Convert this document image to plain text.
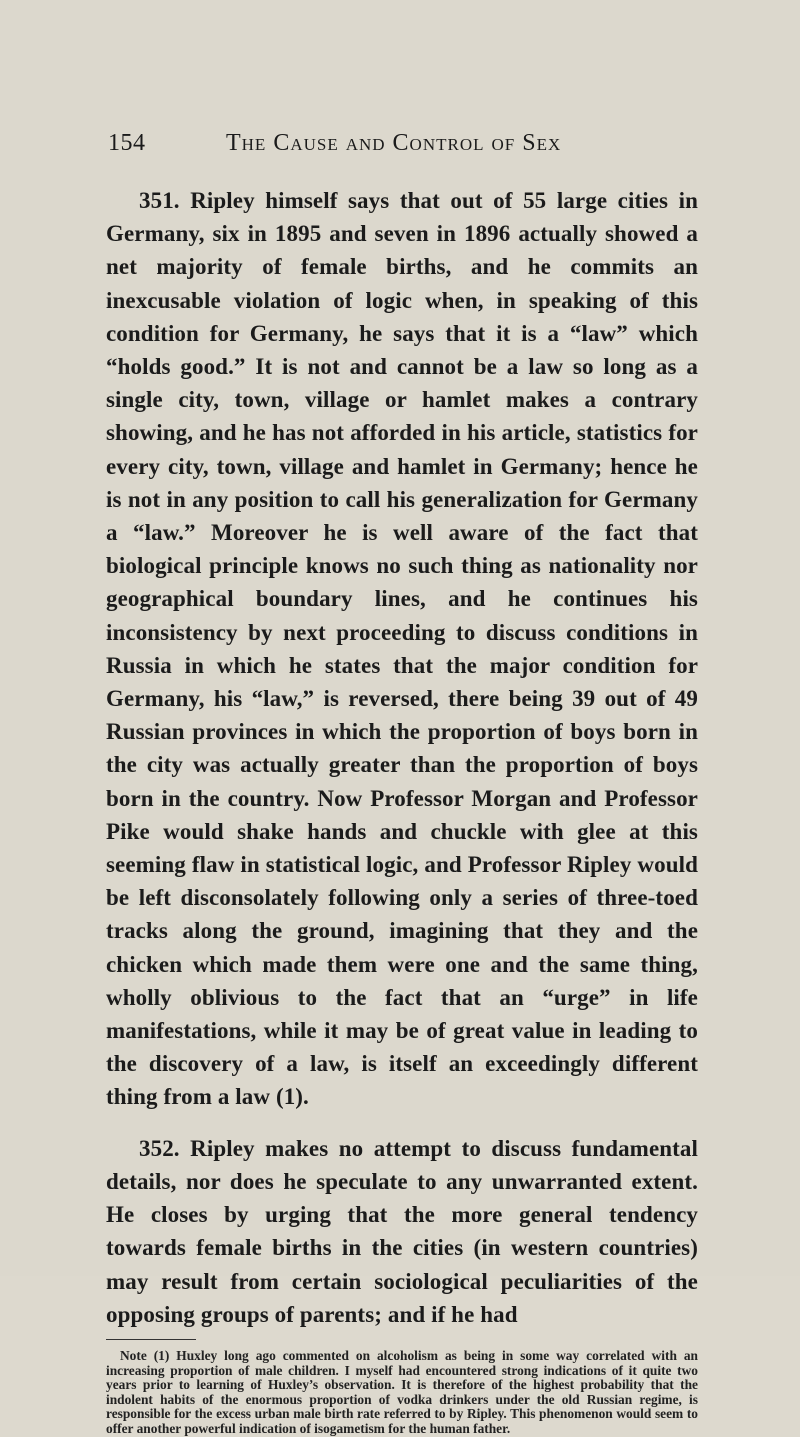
154	The Cause and Control of Sex

351. Ripley himself says that out of 55 large cities in Germany, six in 1895 and seven in 1896 actually showed a net majority of female births, and he commits an inexcusable violation of logic when, in speaking of this condition for Germany, he says that it is a “law” which “holds good.” It is not and cannot be a law so long as a single city, town, village or hamlet makes a contrary showing, and he has not afforded in his article, statistics for every city, town, village and hamlet in Germany; hence he is not in any position to call his generalization for Germany a “law.” Moreover he is well aware of the fact that biological principle knows no such thing as nationality nor geographical boundary lines, and he continues his inconsistency by next proceeding to discuss conditions in Russia in which he states that the major condition for Germany, his “law,” is reversed, there being 39 out of 49 Russian provinces in which the proportion of boys born in the city was actually greater than the proportion of boys born in the country. Now Professor Morgan and Professor Pike would shake hands and chuckle with glee at this seeming flaw in statistical logic, and Professor Ripley would be left disconsolately following only a series of three-toed tracks along the ground, imagining that they and the chicken which made them were one and the same thing, wholly oblivious to the fact that an “urge” in life manifestations, while it may be of great value in leading to the discovery of a law, is itself an exceedingly different thing from a law (1).

352. Ripley makes no attempt to discuss fundamental details, nor does he speculate to any unwarranted extent. He closes by urging that the more general tendency towards female births in the cities (in western countries) may result from certain sociological peculiarities of the opposing groups of parents; and if he had

Note (1) Huxley long ago commented on alcoholism as being in some way correlated with an increasing proportion of male children. I myself had encountered strong indications of it quite two years prior to learning of Huxley’s observation. It is therefore of the highest probability that the indolent habits of the enormous proportion of vodka drinkers under the old Russian regime, is responsible for the excess urban male birth rate referred to by Ripley. This phenomenon would seem to offer another powerful indication of isogametism for the human father.
